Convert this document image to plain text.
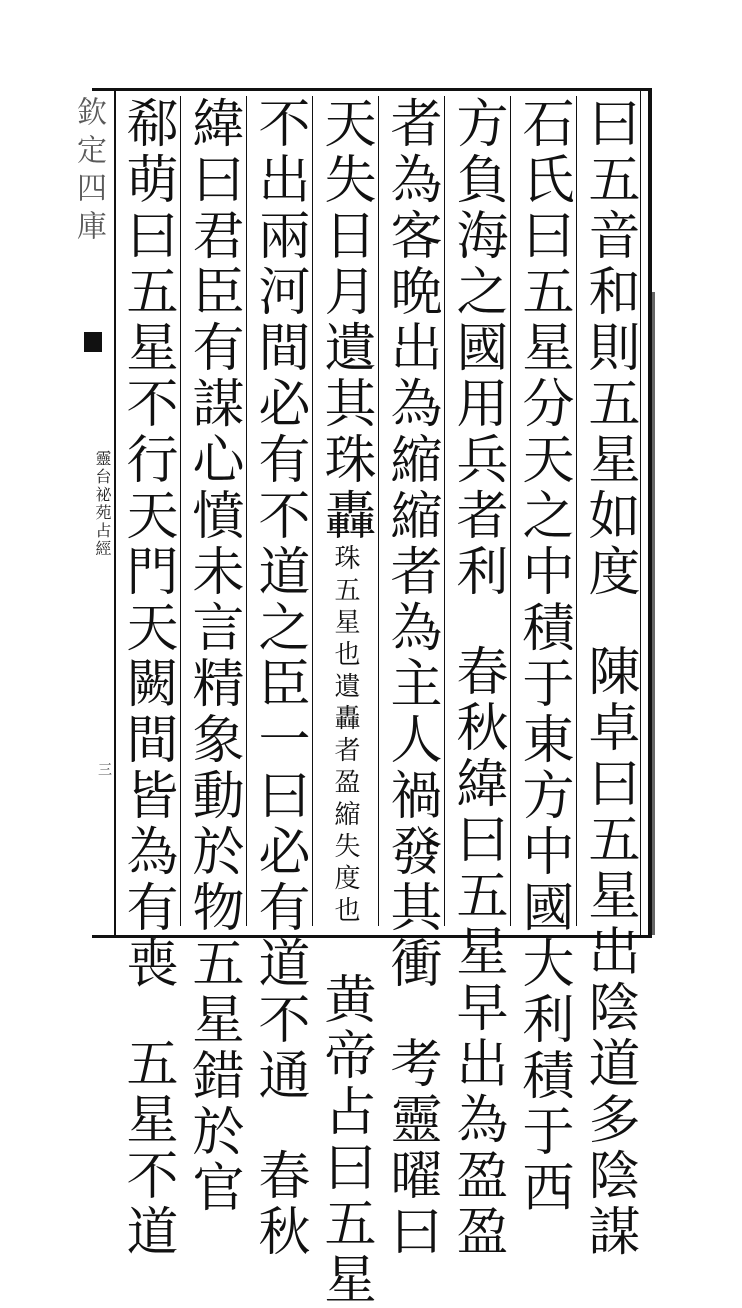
欽定四庫
靈台祕苑占經
三
曰五音和則五星如度陳卓曰五星出陰道多陰謀
石氏曰五星分天之中積于東方中國大利積于西
方負海之國用兵者利春秋緯曰五星早出為盈盈
者為客晩出為縮縮者為主人禍發其衝考靈曜曰
天失日月遺其珠轟珠五星也遺轟者盈縮失度也黄帝占曰五星
不出兩河間必有不道之臣一曰必有道不通春秋
緯曰君臣有謀心憤未言精象動於物五星錯於官
郗萌曰五星不行天門天闕間皆為有喪五星不道
